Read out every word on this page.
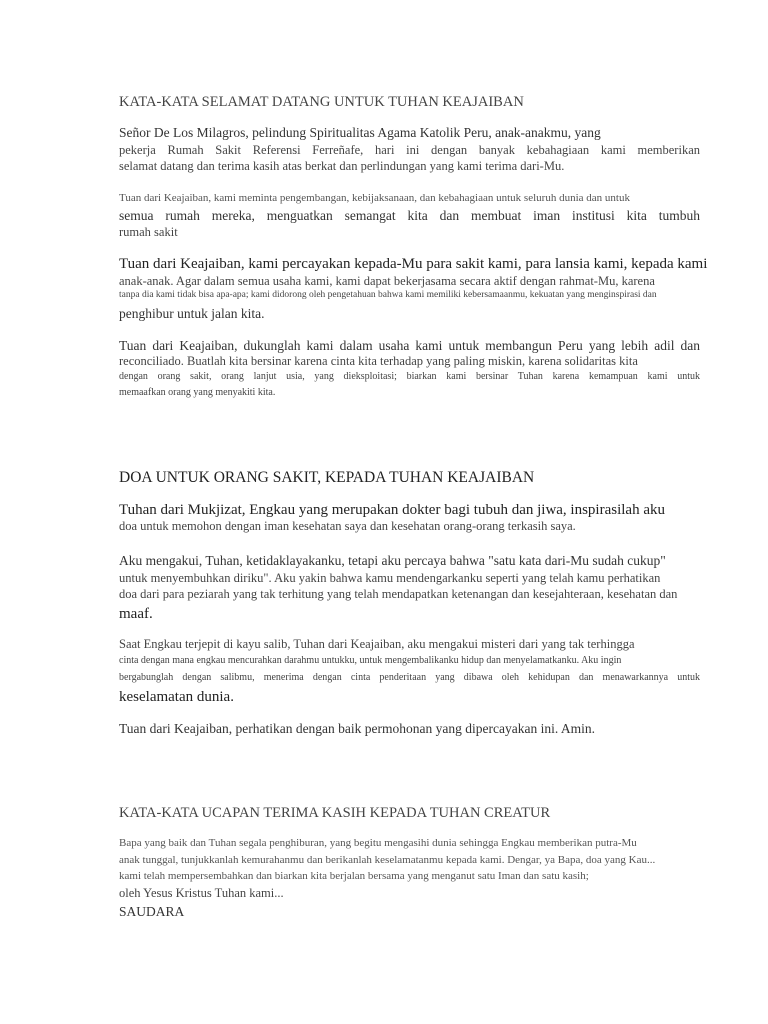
KATA-KATA SELAMAT DATANG UNTUK TUHAN KEAJAIBAN

Señor De Los Milagros, pelindung Spiritualitas Agama Katolik Peru, anak-anakmu, yang

pekerja Rumah Sakit Referensi Ferreñafe, hari ini dengan banyak kebahagiaan kami memberikan

selamat datang dan terima kasih atas berkat dan perlindungan yang kami terima dari-Mu.

Tuan dari Keajaiban, kami meminta pengembangan, kebijaksanaan, dan kebahagiaan untuk seluruh dunia dan untuk

semua rumah mereka, menguatkan semangat kita dan membuat iman institusi kita tumbuh

rumah sakit

Tuan dari Keajaiban, kami percayakan kepada-Mu para sakit kami, para lansia kami, kepada kami

anak-anak. Agar dalam semua usaha kami, kami dapat bekerjasama secara aktif dengan rahmat-Mu, karena

tanpa dia kami tidak bisa apa-apa; kami didorong oleh pengetahuan bahwa kami memiliki kebersamaanmu, kekuatan yang menginspirasi dan

penghibur untuk jalan kita.

Tuan dari Keajaiban, dukunglah kami dalam usaha kami untuk membangun Peru yang lebih adil dan

reconciliado. Buatlah kita bersinar karena cinta kita terhadap yang paling miskin, karena solidaritas kita

dengan orang sakit, orang lanjut usia, yang dieksploitasi; biarkan kami bersinar Tuhan karena kemampuan kami untuk

memaafkan orang yang menyakiti kita.

DOA UNTUK ORANG SAKIT, KEPADA TUHAN KEAJAIBAN

Tuhan dari Mukjizat, Engkau yang merupakan dokter bagi tubuh dan jiwa, inspirasilah aku

doa untuk memohon dengan iman kesehatan saya dan kesehatan orang-orang terkasih saya.

Aku mengakui, Tuhan, ketidaklayakanku, tetapi aku percaya bahwa "satu kata dari-Mu sudah cukup"

untuk menyembuhkan diriku". Aku yakin bahwa kamu mendengarkanku seperti yang telah kamu perhatikan

doa dari para peziarah yang tak terhitung yang telah mendapatkan ketenangan dan kesejahteraan, kesehatan dan

maaf.

Saat Engkau terjepit di kayu salib, Tuhan dari Keajaiban, aku mengakui misteri dari yang tak terhingga

cinta dengan mana engkau mencurahkan darahmu untukku, untuk mengembalikanku hidup dan menyelamatkanku. Aku ingin

bergabunglah dengan salibmu, menerima dengan cinta penderitaan yang dibawa oleh kehidupan dan menawarkannya untuk

keselamatan dunia.

Tuan dari Keajaiban, perhatikan dengan baik permohonan yang dipercayakan ini. Amin.

KATA-KATA UCAPAN TERIMA KASIH KEPADA TUHAN CREATUR

Bapa yang baik dan Tuhan segala penghiburan, yang begitu mengasihi dunia sehingga Engkau memberikan putra-Mu

anak tunggal, tunjukkanlah kemurahanmu dan berikanlah keselamatanmu kepada kami. Dengar, ya Bapa, doa yang Kau...

kami telah mempersembahkan dan biarkan kita berjalan bersama yang menganut satu Iman dan satu kasih;

oleh Yesus Kristus Tuhan kami...

SAUDARA
